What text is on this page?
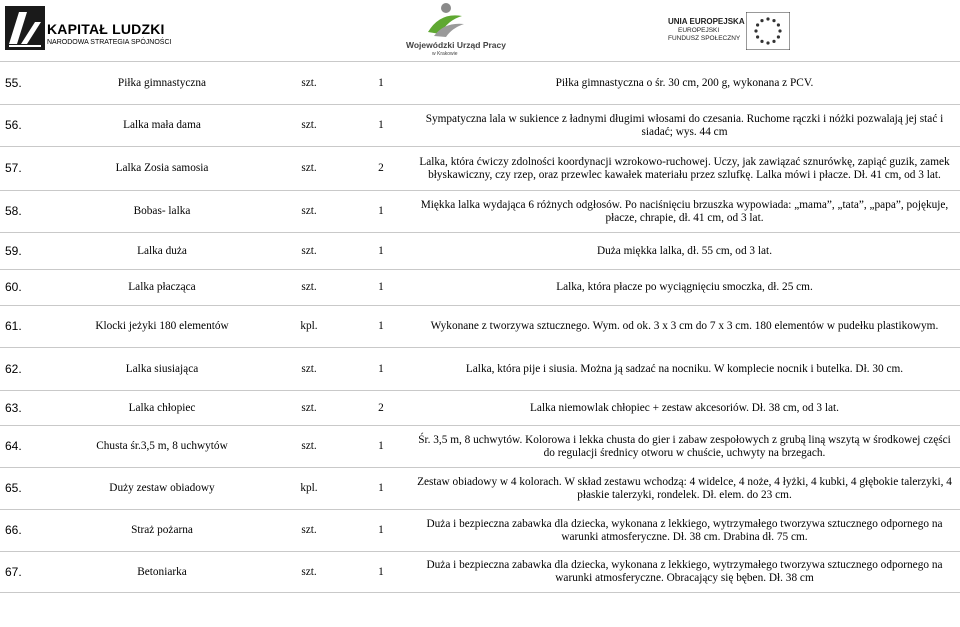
KAPITAŁ LUDZKI
NARODOWA STRATEGIA SPÓJNOŚCI	Wojewódzki Urząd Pracy
w Krakowie
UNIA EUROPEJSKA
EUROPEJSKI
FUNDUSZ SPOŁECZNY
55.	Piłka gimnastyczna	szt.	1	Piłka gimnastyczna o śr. 30 cm, 200 g, wykonana z PCV.
56.	Lalka mała dama	szt.	1	Sympatyczna lala w sukience z ładnymi długimi włosami do czesania. Ruchome rączki i nóżki pozwalają jej stać i siadać; wys. 44 cm
57.	Lalka Zosia samosia	szt.	2	Lalka, która ćwiczy zdolności koordynacji wzrokowo-ruchowej. Uczy, jak zawiązać sznurówkę, zapiąć guzik, zamek błyskawiczny, czy rzep, oraz przewlec kawałek materiału przez szlufkę. Lalka mówi i płacze. Dł. 41 cm, od 3 lat.
58.	Bobas- lalka	szt.	1	Miękka lalka wydająca 6 różnych odgłosów. Po naciśnięciu brzuszka wypowiada: „mama”, „tata”, „papa”, pojękuje, płacze, chrapie, dł. 41 cm, od 3 lat.
59.	Lalka duża	szt.	1	Duża miękka lalka, dł. 55 cm, od 3 lat.
60.	Lalka płacząca	szt.	1	Lalka, która płacze po wyciągnięciu smoczka, dł. 25 cm.
61.	Klocki jeżyki 180 elementów	kpl.	1	Wykonane z tworzywa sztucznego. Wym. od ok. 3 x 3 cm do 7 x 3 cm. 180 elementów w pudełku plastikowym.
62.	Lalka siusiająca	szt.	1	Lalka, która pije i siusia. Można ją sadzać na nocniku. W komplecie nocnik i butelka. Dł. 30 cm.
63.	Lalka chłopiec	szt.	2	Lalka niemowlak chłopiec + zestaw akcesoriów. Dł. 38 cm, od 3 lat.
64.	Chusta śr.3,5 m, 8 uchwytów	szt.	1	Śr. 3,5 m, 8 uchwytów. Kolorowa i lekka chusta do gier i zabaw zespołowych z grubą liną wszytą w środkowej części do regulacji średnicy otworu w chuście, uchwyty na brzegach.
65.	Duży zestaw obiadowy	kpl.	1	Zestaw obiadowy w 4 kolorach. W skład zestawu wchodzą: 4 widelce, 4 noże, 4 łyżki, 4 kubki, 4 głębokie talerzyki, 4 płaskie talerzyki, rondelek. Dł. elem. do 23 cm.
66.	Straż pożarna	szt.	1	Duża i bezpieczna zabawka dla dziecka, wykonana z lekkiego, wytrzymałego tworzywa sztucznego odpornego na warunki atmosferyczne. Dł. 38 cm. Drabina dł. 75 cm.
67.	Betoniarka	szt.	1	Duża i bezpieczna zabawka dla dziecka, wykonana z lekkiego, wytrzymałego tworzywa sztucznego odpornego na warunki atmosferyczne. Obracający się bęben. Dł. 38 cm
